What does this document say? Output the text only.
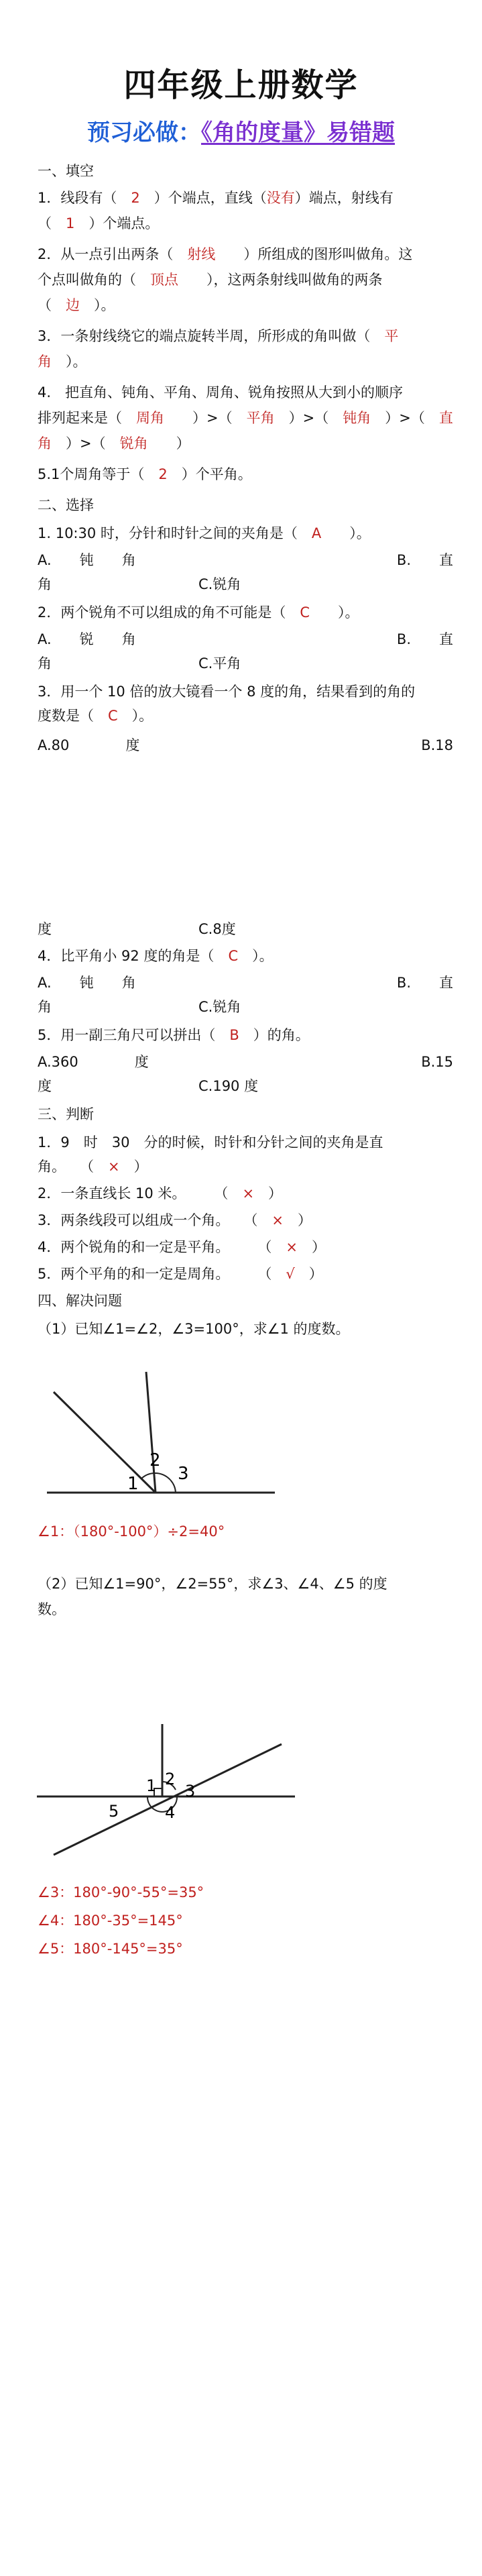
四年级上册数学
预习必做：《角的度量》易错题
一、填空
1．线段有（　 2　 ）个端点，直线（没有）端点，射线有
（　 1　 ）个端点。
2．从一点引出两条（　 射线　　 ）所组成的图形叫做角。这
个点叫做角的（　 顶点　　 ），这两条射线叫做角的两条
（　 边　 ）。
3．一条射线绕它的端点旋转半周，所形成的角叫做（　 平
角　 ）。
4.　把直角、钝角、平角、周角、锐角按照从大到小的顺序
排列起来是（　 周角　　 ）>（　 平角　 ）>（　 钝角　 ）>（　 直
角　 ）>（　 锐角　　 ）
5.1个周角等于（　 2　 ）个平角。
二、选择
1. 10:30 时，分针和时针之间的夹角是（　 A　　 ）。
A.　　钝　　角	B.　　直
角	C.锐角
2．两个锐角不可以组成的角不可能是（　 C　　 ）。
A.　　锐　　角	B.　　直
角	C.平角
3．用一个 10 倍的放大镜看一个 8 度的角，结果看到的角的
度数是（　 C　 ）。
A.80　　　　度	B.18
度	C.8度
4．比平角小 92 度的角是（　 C　 ）。
A.　　钝　　角	B.　　直
角	C.锐角
5．用一副三角尺可以拼出（　 B　 ）的角。
A.360　　　　度	B.15
度	C.190 度
三、判断
1．9　时　30　分的时候，时针和分针之间的夹角是直
角。　　（　 ×　 ）
2．一条直线长 10 米。　　　（　 ×　 ）
3．两条线段可以组成一个角。　　（　 ×　 ）
4．两个锐角的和一定是平角。　　　（　 ×　 ）
5．两个平角的和一定是周角。　　　（　 √　 ）
四、解决问题
（1）已知∠1=∠2，∠3=100°，求∠1 的度数。
1
2
3
∠1：（180°-100°）÷2=40°
（2）已知∠1=90°，∠2=55°，求∠3、∠4、∠5 的度
数。
1 2
3
4
5
∠3：180°-90°-55°=35°
∠4：180°-35°=145°
∠5：180°-145°=35°
